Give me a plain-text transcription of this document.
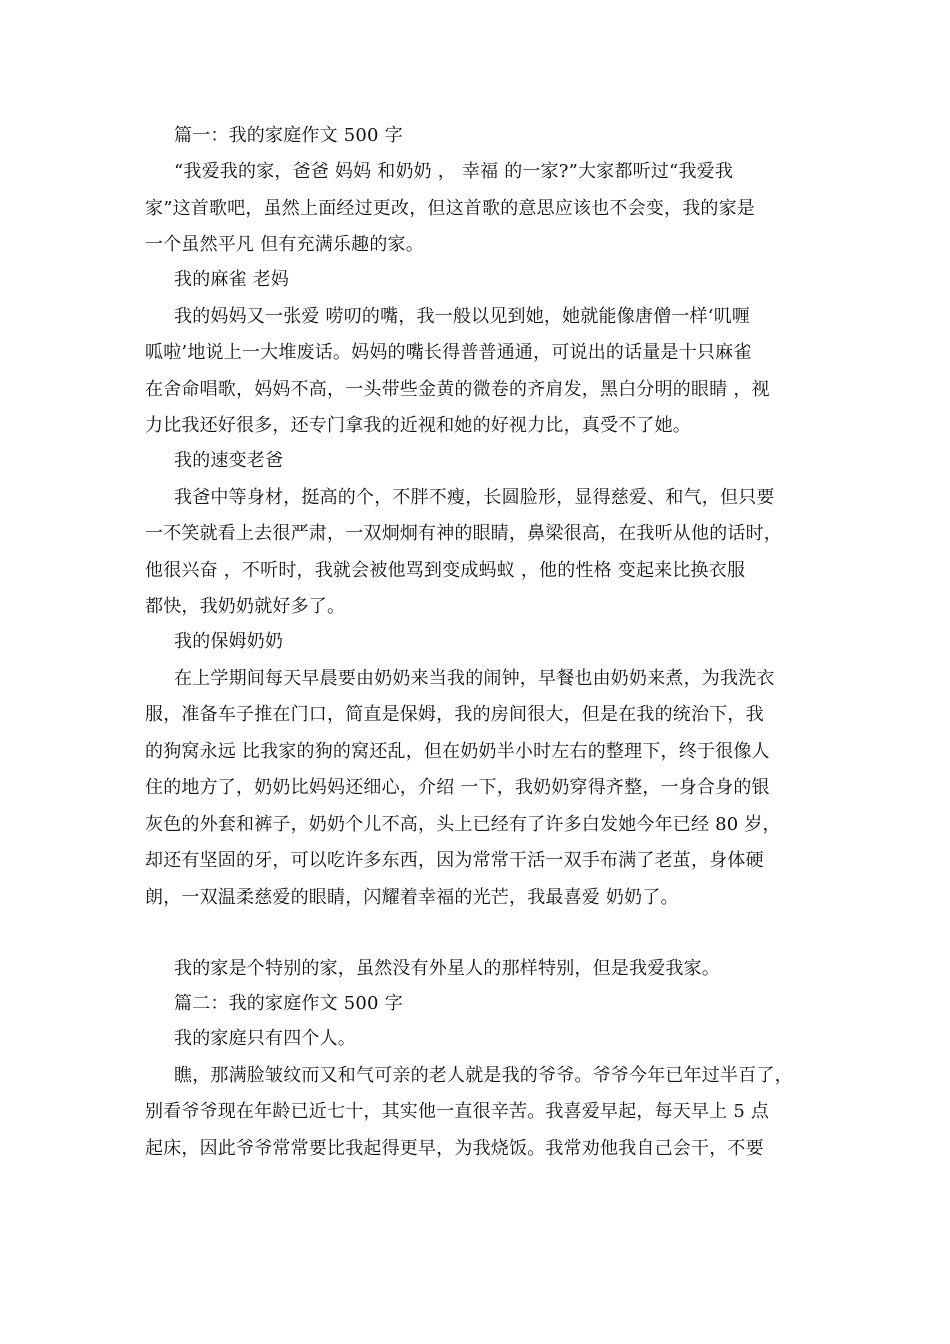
篇一：我的家庭作文 500 字
“我爱我的家，爸爸 妈妈 和奶奶 ， 幸福 的一家?”大家都听过“我爱我
家”这首歌吧，虽然上面经过更改，但这首歌的意思应该也不会变，我的家是
一个虽然平凡 但有充满乐趣的家。
我的麻雀 老妈
我的妈妈又一张爱 唠叨的嘴，我一般以见到她，她就能像唐僧一样‘叽喱
呱啦’地说上一大堆废话。妈妈的嘴长得普普通通，可说出的话量是十只麻雀
在舍命唱歌，妈妈不高，一头带些金黄的微卷的齐肩发，黑白分明的眼睛 ，视
力比我还好很多，还专门拿我的近视和她的好视力比，真受不了她。
我的速变老爸
我爸中等身材，挺高的个，不胖不瘦，长圆脸形，显得慈爱、和气，但只要
一不笑就看上去很严肃，一双炯炯有神的眼睛，鼻梁很高，在我听从他的话时，
他很兴奋 ，不听时，我就会被他骂到变成蚂蚁 ，他的性格 变起来比换衣服
都快，我奶奶就好多了。
我的保姆奶奶
在上学期间每天早晨要由奶奶来当我的闹钟，早餐也由奶奶来煮，为我洗衣
服，准备车子推在门口，简直是保姆，我的房间很大，但是在我的统治下，我
的狗窝永远 比我家的狗的窝还乱，但在奶奶半小时左右的整理下，终于很像人
住的地方了，奶奶比妈妈还细心，介绍 一下，我奶奶穿得齐整，一身合身的银
灰色的外套和裤子，奶奶个儿不高，头上已经有了许多白发她今年已经 80 岁，
却还有坚固的牙，可以吃许多东西，因为常常干活一双手布满了老茧，身体硬
朗，一双温柔慈爱的眼睛，闪耀着幸福的光芒，我最喜爱 奶奶了。
我的家是个特别的家，虽然没有外星人的那样特别，但是我爱我家。
篇二：我的家庭作文 500 字
我的家庭只有四个人。
瞧，那满脸皱纹而又和气可亲的老人就是我的爷爷。爷爷今年已年过半百了，
别看爷爷现在年龄已近七十，其实他一直很辛苦。我喜爱早起，每天早上 5 点
起床，因此爷爷常常要比我起得更早，为我烧饭。我常劝他我自己会干，不要
